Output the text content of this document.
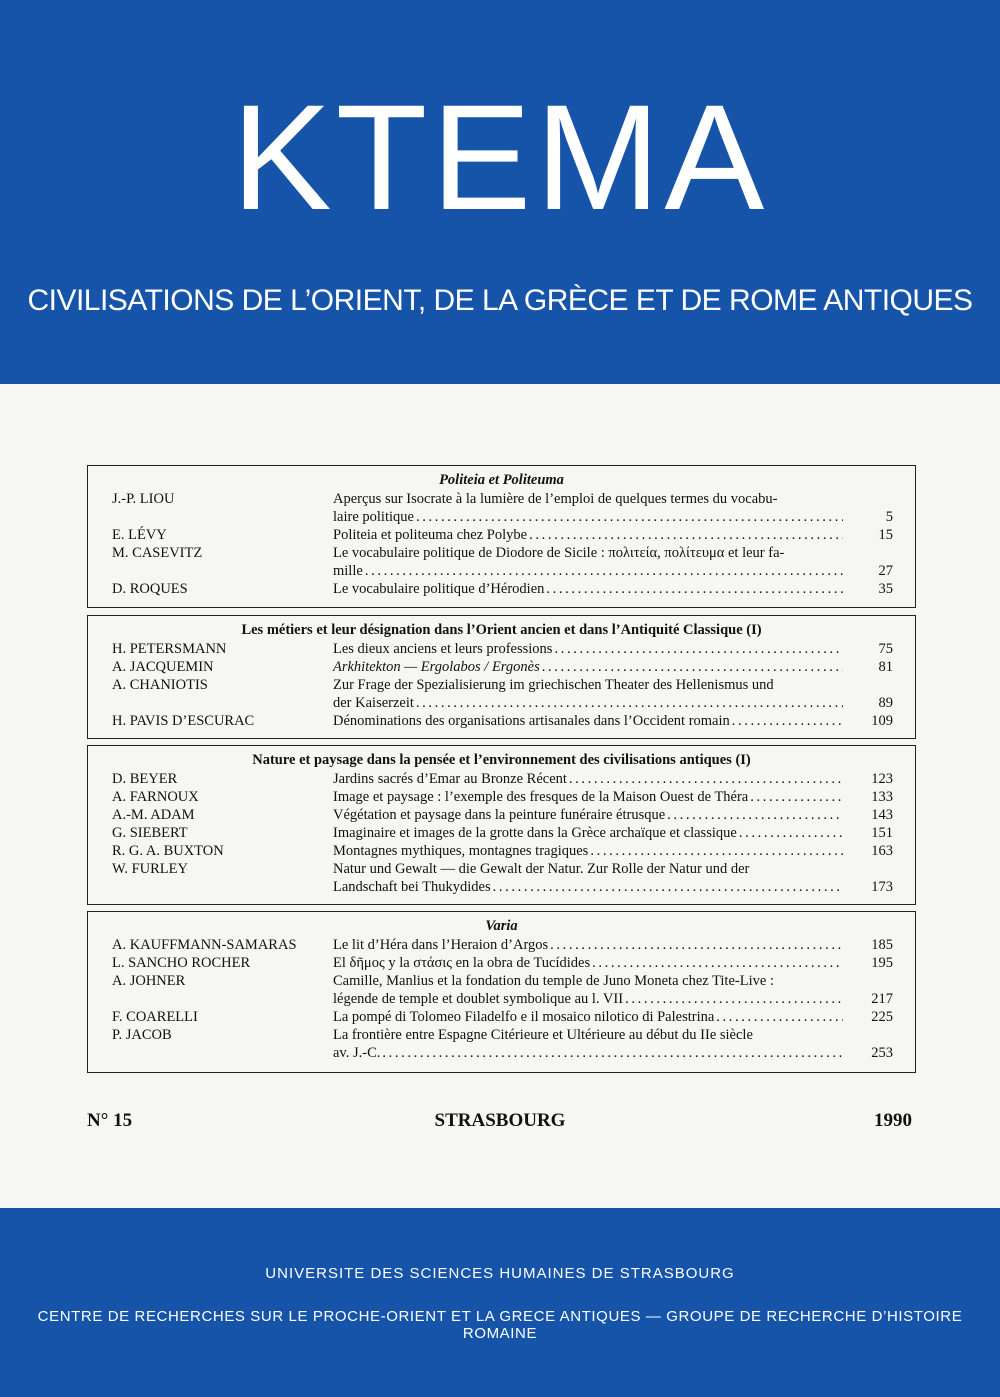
KTEMA
CIVILISATIONS DE L’ORIENT, DE LA GRÈCE ET DE ROME ANTIQUES
Politeia et Politeuma
J.-P. LIOU	Aperçus sur Isocrate à la lumière de l’emploi de quelques termes du vocabu-
laire politique . . .	5
E. LÉVY	Politeia et politeuma chez Polybe . . .	15
M. CASEVITZ	Le vocabulaire politique de Diodore de Sicile : πολιτεία, πολίτευμα et leur fa-
mille . . .	27
D. ROQUES	Le vocabulaire politique d’Hérodien . . .	35
Les métiers et leur désignation dans l’Orient ancien et dans l’Antiquité Classique (I)
H. PETERSMANN	Les dieux anciens et leurs professions . . .	75
A. JACQUEMIN	Arkhitekton — Ergolabos / Ergonès . . .	81
A. CHANIOTIS	Zur Frage der Spezialisierung im griechischen Theater des Hellenismus und
der Kaiserzeit . . .	89
H. PAVIS D’ESCURAC	Dénominations des organisations artisanales dans l’Occident romain . . .	109
Nature et paysage dans la pensée et l’environnement des civilisations antiques (I)
D. BEYER	Jardins sacrés d’Emar au Bronze Récent . . .	123
A. FARNOUX	Image et paysage : l’exemple des fresques de la Maison Ouest de Théra . . .	133
A.-M. ADAM	Végétation et paysage dans la peinture funéraire étrusque . . .	143
G. SIEBERT	Imaginaire et images de la grotte dans la Grèce archaïque et classique . . .	151
R. G. A. BUXTON	Montagnes mythiques, montagnes tragiques . . .	163
W. FURLEY	Natur und Gewalt — die Gewalt der Natur. Zur Rolle der Natur und der
Landschaft bei Thukydides . . .	173
Varia
A. KAUFFMANN-SAMARAS	Le lit d’Héra dans l’Heraion d’Argos . . .	185
L. SANCHO ROCHER	El δῆμος y la στάσις en la obra de Tucídides . . .	195
A. JOHNER	Camille, Manlius et la fondation du temple de Juno Moneta chez Tite-Live :
légende de temple et doublet symbolique au l. VII . . .	217
F. COARELLI	La pompé di Tolomeo Filadelfo e il mosaico nilotico di Palestrina . . .	225
P. JACOB	La frontière entre Espagne Citérieure et Ultérieure au début du IIe siècle
av. J.-C. . . .	253
N° 15	STRASBOURG	1990
UNIVERSITE DES SCIENCES HUMAINES DE STRASBOURG
CENTRE DE RECHERCHES SUR LE PROCHE-ORIENT ET LA GRECE ANTIQUES — GROUPE DE RECHERCHE D’HISTOIRE ROMAINE
